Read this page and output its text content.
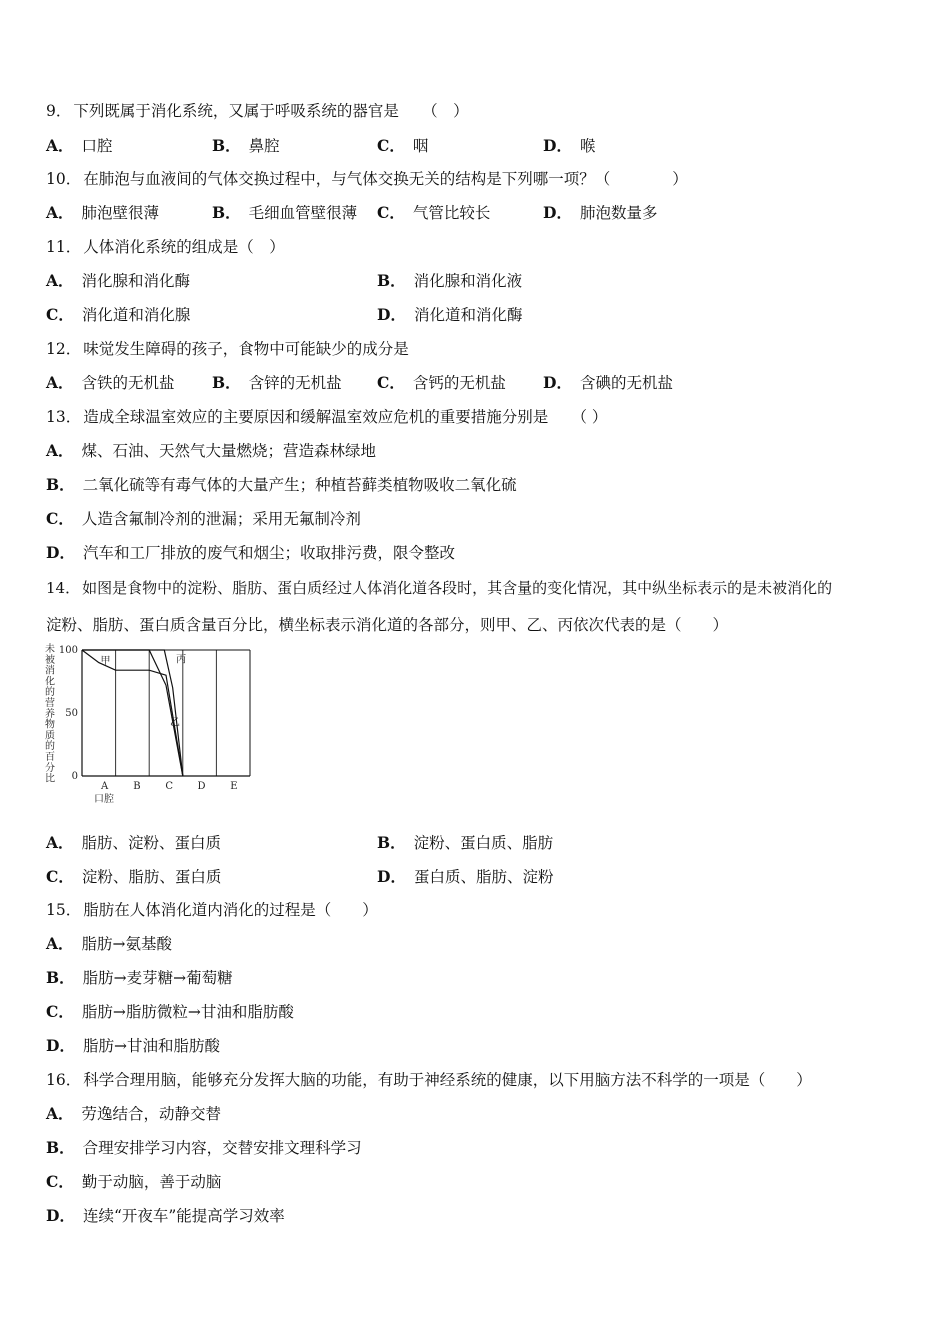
9． 下列既属于消化系统，又属于呼吸系统的器官是　　（　）
A． 口腔	B． 鼻腔	C． 咽	D． 喉
10． 在肺泡与血液间的气体交换过程中，与气体交换无关的结构是下列哪一项？（　　　　）
A． 肺泡壁很薄	B． 毛细血管壁很薄 C． 气管比较长	D． 肺泡数量多
11． 人体消化系统的组成是（　）
A． 消化腺和消化酶	B． 消化腺和消化液
C． 消化道和消化腺	D． 消化道和消化酶
12． 味觉发生障碍的孩子，食物中可能缺少的成分是
A． 含铁的无机盐 B． 含锌的无机盐 C． 含钙的无机盐 D． 含碘的无机盐
13． 造成全球温室效应的主要原因和缓解温室效应危机的重要措施分别是　　（ ）
A． 煤、石油、天然气大量燃烧；营造森林绿地
B． 二氧化硫等有毒气体的大量产生；种植苔藓类植物吸收二氧化硫
C． 人造含氟制冷剂的泄漏；采用无氟制冷剂
D． 汽车和工厂排放的废气和烟尘；收取排污费，限令整改
14． 如图是食物中的淀粉、脂肪、蛋白质经过人体消化道各段时，其含量的变化情况，其中纵坐标表示的是未被消化的
淀粉、脂肪、蛋白质含量百分比，横坐标表示消化道的各部分，则甲、乙、丙依次代表的是（　　）
未
被
消
化
的
营
养
物
质
的
百
分
比
100
50
0
甲
乙
丙
A	B C D E
口腔
A． 脂肪、淀粉、蛋白质	B． 淀粉、蛋白质、脂肪
C． 淀粉、脂肪、蛋白质	D． 蛋白质、脂肪、淀粉
15． 脂肪在人体消化道内消化的过程是（　　）
A． 脂肪→氨基酸
B． 脂肪→麦芽糖→葡萄糖
C． 脂肪→脂肪微粒→甘油和脂肪酸
D． 脂肪→甘油和脂肪酸
16． 科学合理用脑，能够充分发挥大脑的功能，有助于神经系统的健康，以下用脑方法不科学的一项是（　　）
A． 劳逸结合，动静交替
B． 合理安排学习内容，交替安排文理科学习
C． 勤于动脑，善于动脑
D． 连续“开夜车”能提高学习效率
